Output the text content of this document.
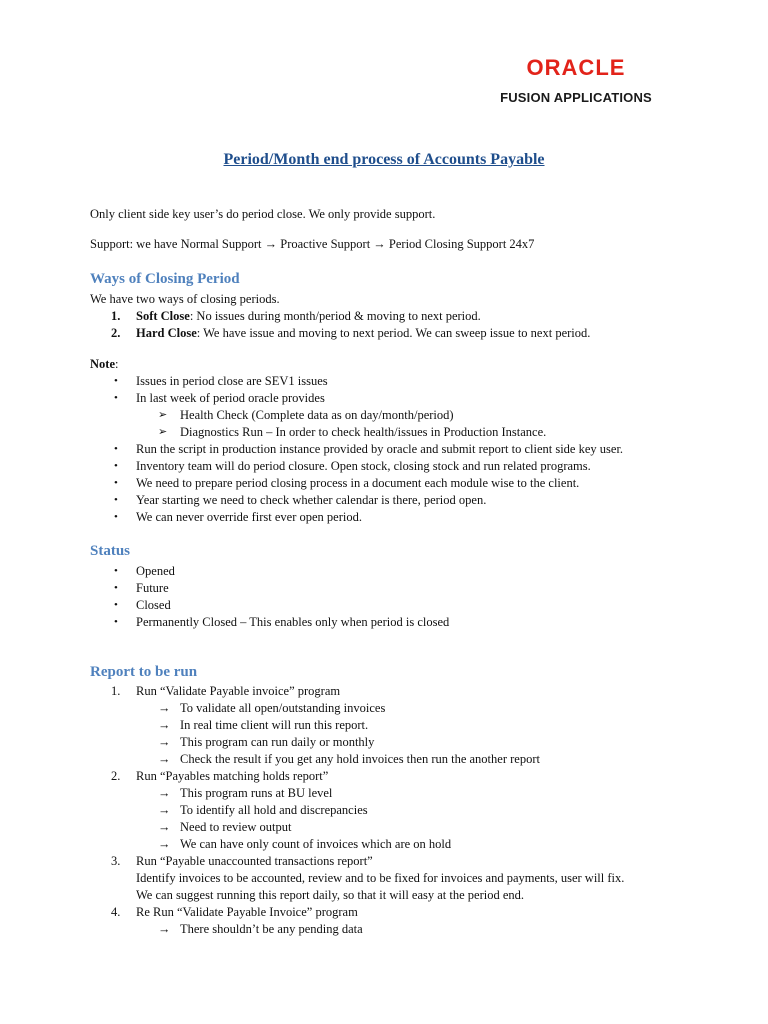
ORACLE
FUSION APPLICATIONS
Period/Month end process of Accounts Payable

Only client side key user’s do period close. We only provide support.

Support: we have Normal Support → Proactive Support → Period Closing Support 24x7

Ways of Closing Period

We have two ways of closing periods.

1. Soft Close: No issues during month/period & moving to next period.
2. Hard Close: We have issue and moving to next period. We can sweep issue to next period.

Note:

• Issues in period close are SEV1 issues
• In last week of period oracle provides
➢ Health Check (Complete data as on day/month/period)
➢ Diagnostics Run – In order to check health/issues in Production Instance.
• Run the script in production instance provided by oracle and submit report to client side key user.
• Inventory team will do period closure. Open stock, closing stock and run related programs.
• We need to prepare period closing process in a document each module wise to the client.
• Year starting we need to check whether calendar is there, period open.
• We can never override first ever open period.
Status
• Opened
• Future
• Closed
• Permanently Closed – This enables only when period is closed
Report to be run
1. Run “Validate Payable invoice” program
→ To validate all open/outstanding invoices
→ In real time client will run this report.
→ This program can run daily or monthly
→ Check the result if you get any hold invoices then run the another report
2. Run “Payables matching holds report”
→ This program runs at BU level
→ To identify all hold and discrepancies
→ Need to review output
→ We can have only count of invoices which are on hold
3. Run “Payable unaccounted transactions report”
Identify invoices to be accounted, review and to be fixed for invoices and payments, user will fix.
We can suggest running this report daily, so that it will easy at the period end.
4. Re Run “Validate Payable Invoice” program
→ There shouldn’t be any pending data
